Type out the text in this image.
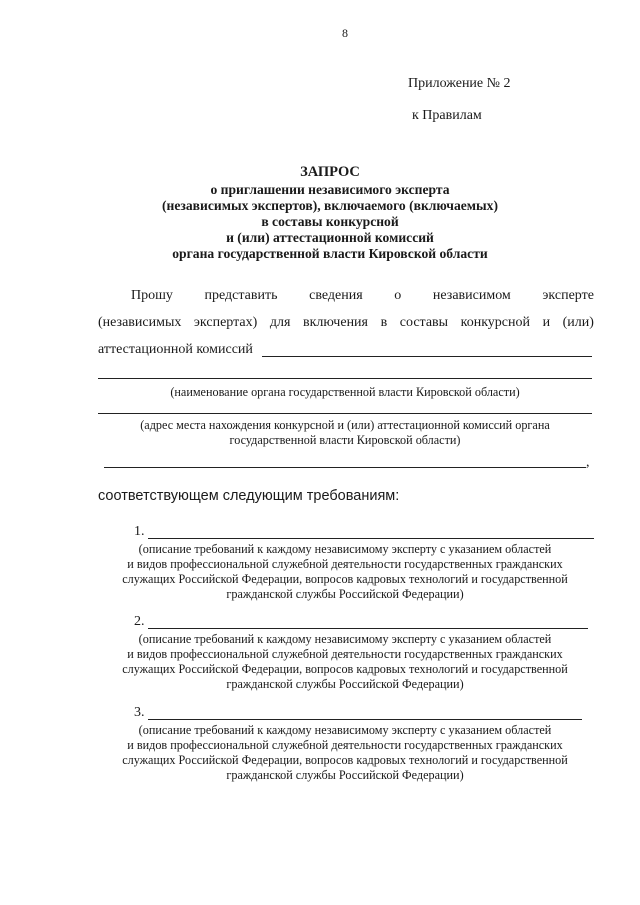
8
Приложение № 2
к Правилам
ЗАПРОС
о приглашении независимого эксперта
(независимых экспертов), включаемого (включаемых)
в составы конкурсной
и (или) аттестационной комиссий
органа государственной власти Кировской области
Прошу представить сведения о независимом эксперте
(независимых экспертах) для включения в составы конкурсной и (или)
аттестационной комиссий
(наименование органа государственной власти Кировской области)
(адрес места нахождения конкурсной и (или) аттестационной комиссий органа
государственной власти Кировской области)
,
соответствующем следующим требованиям:
1.
(описание требований к каждому независимому эксперту с указанием областей
и видов профессиональной служебной деятельности государственных гражданских
служащих Российской Федерации, вопросов кадровых технологий и государственной
гражданской службы Российской Федерации)
2.
(описание требований к каждому независимому эксперту с указанием областей
и видов профессиональной служебной деятельности государственных гражданских
служащих Российской Федерации, вопросов кадровых технологий и государственной
гражданской службы Российской Федерации)
3.
(описание требований к каждому независимому эксперту с указанием областей
и видов профессиональной служебной деятельности государственных гражданских
служащих Российской Федерации, вопросов кадровых технологий и государственной
гражданской службы Российской Федерации)
